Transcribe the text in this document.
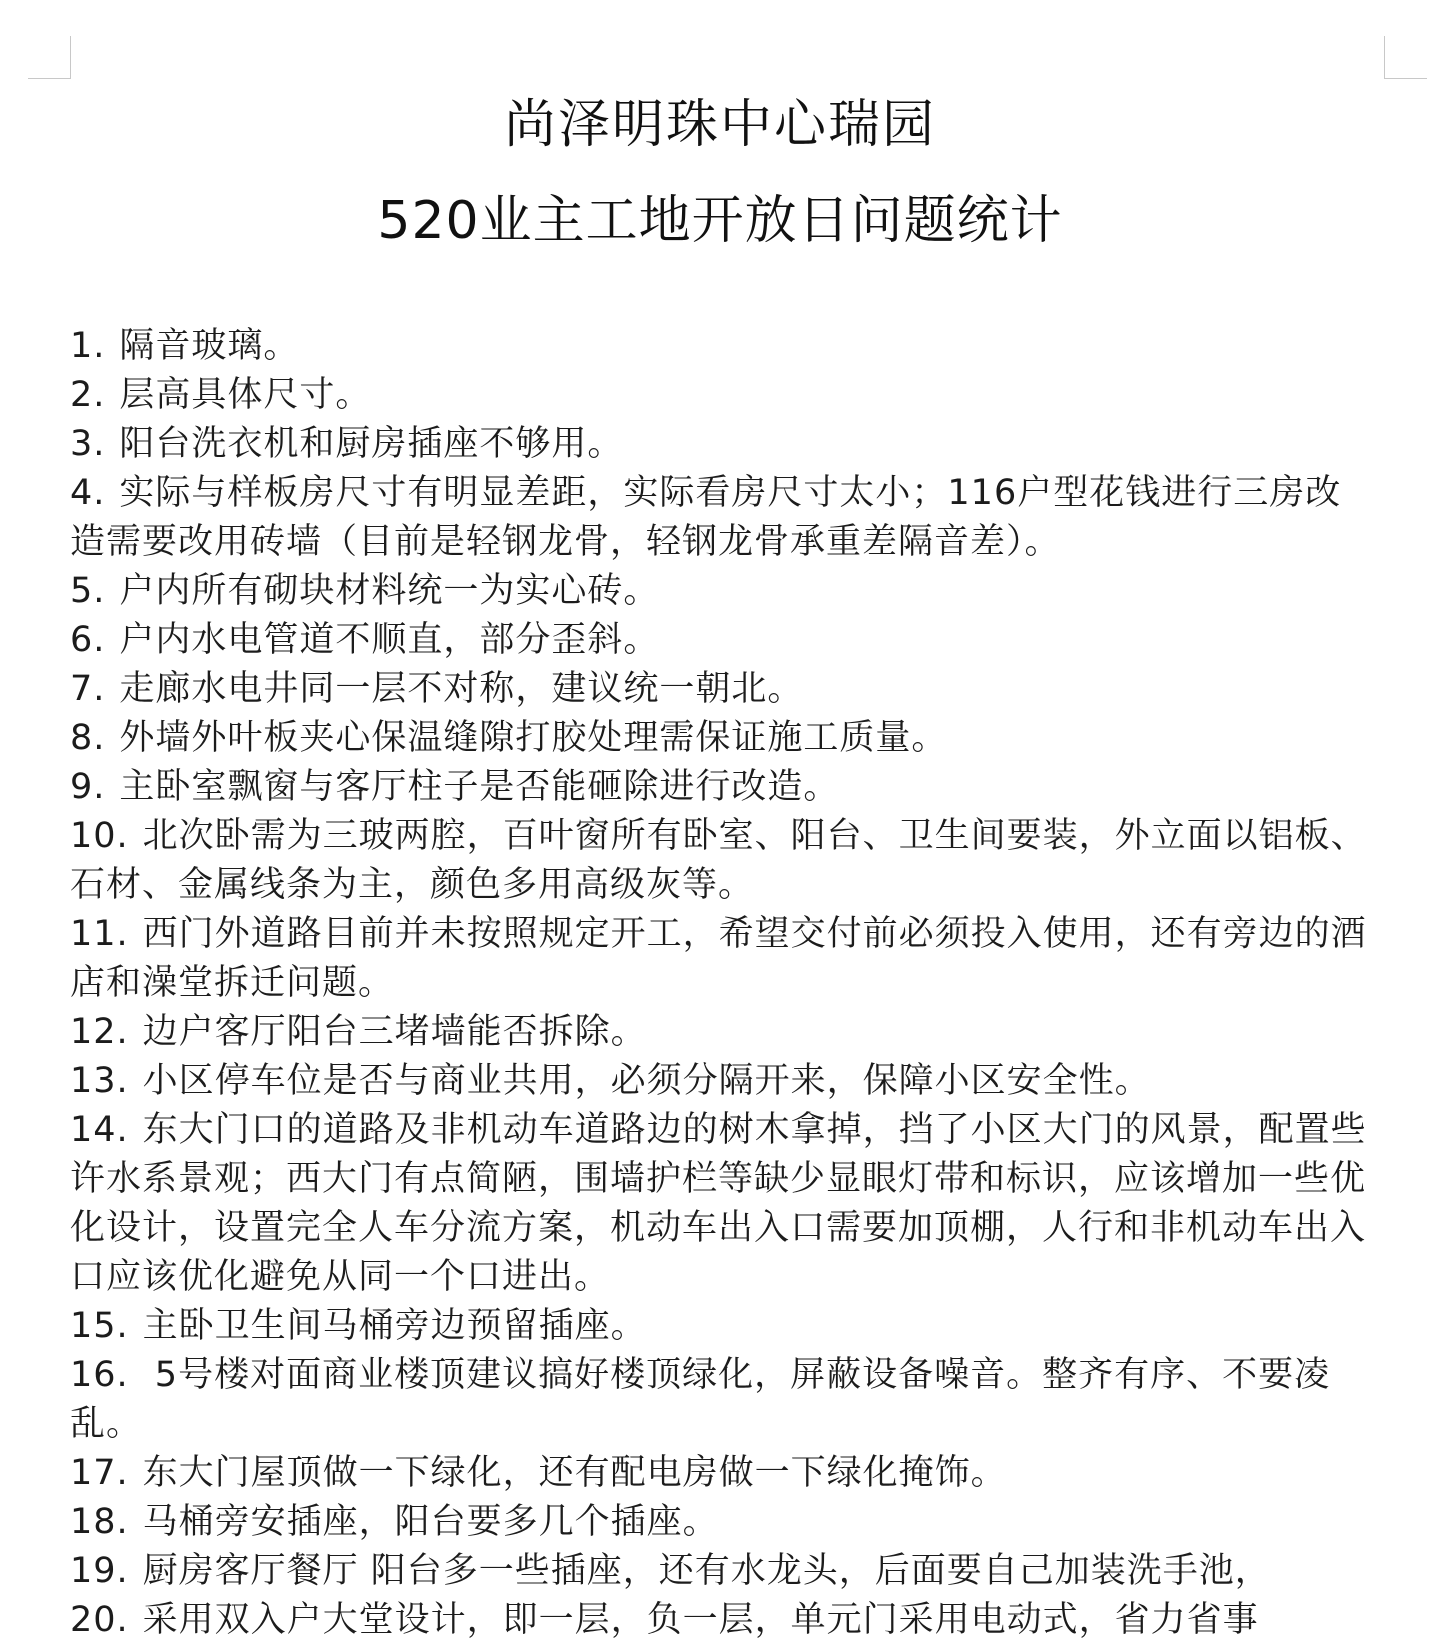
尚泽明珠中心瑞园
520业主工地开放日问题统计
1. 隔音玻璃。
2. 层高具体尺寸。
3. 阳台洗衣机和厨房插座不够用。
4. 实际与样板房尺寸有明显差距，实际看房尺寸太小；116户型花钱进行三房改造需要改用砖墙（目前是轻钢龙骨，轻钢龙骨承重差隔音差）。
5. 户内所有砌块材料统一为实心砖。
6. 户内水电管道不顺直，部分歪斜。
7. 走廊水电井同一层不对称，建议统一朝北。
8. 外墙外叶板夹心保温缝隙打胶处理需保证施工质量。
9. 主卧室飘窗与客厅柱子是否能砸除进行改造。
10. 北次卧需为三玻两腔，百叶窗所有卧室、阳台、卫生间要装，外立面以铝板、石材、金属线条为主，颜色多用高级灰等。
11. 西门外道路目前并未按照规定开工，希望交付前必须投入使用，还有旁边的酒店和澡堂拆迁问题。
12. 边户客厅阳台三堵墙能否拆除。
13. 小区停车位是否与商业共用，必须分隔开来，保障小区安全性。
14. 东大门口的道路及非机动车道路边的树木拿掉，挡了小区大门的风景，配置些许水系景观；西大门有点简陋，围墙护栏等缺少显眼灯带和标识，应该增加一些优化设计，设置完全人车分流方案，机动车出入口需要加顶棚，人行和非机动车出入口应该优化避免从同一个口进出。
15. 主卧卫生间马桶旁边预留插座。
16. 5号楼对面商业楼顶建议搞好楼顶绿化，屏蔽设备噪音。整齐有序、不要凌乱。
17. 东大门屋顶做一下绿化，还有配电房做一下绿化掩饰。
18. 马桶旁安插座，阳台要多几个插座。
19. 厨房客厅餐厅 阳台多一些插座，还有水龙头，后面要自己加装洗手池，
20. 采用双入户大堂设计，即一层，负一层，单元门采用电动式，省力省事
